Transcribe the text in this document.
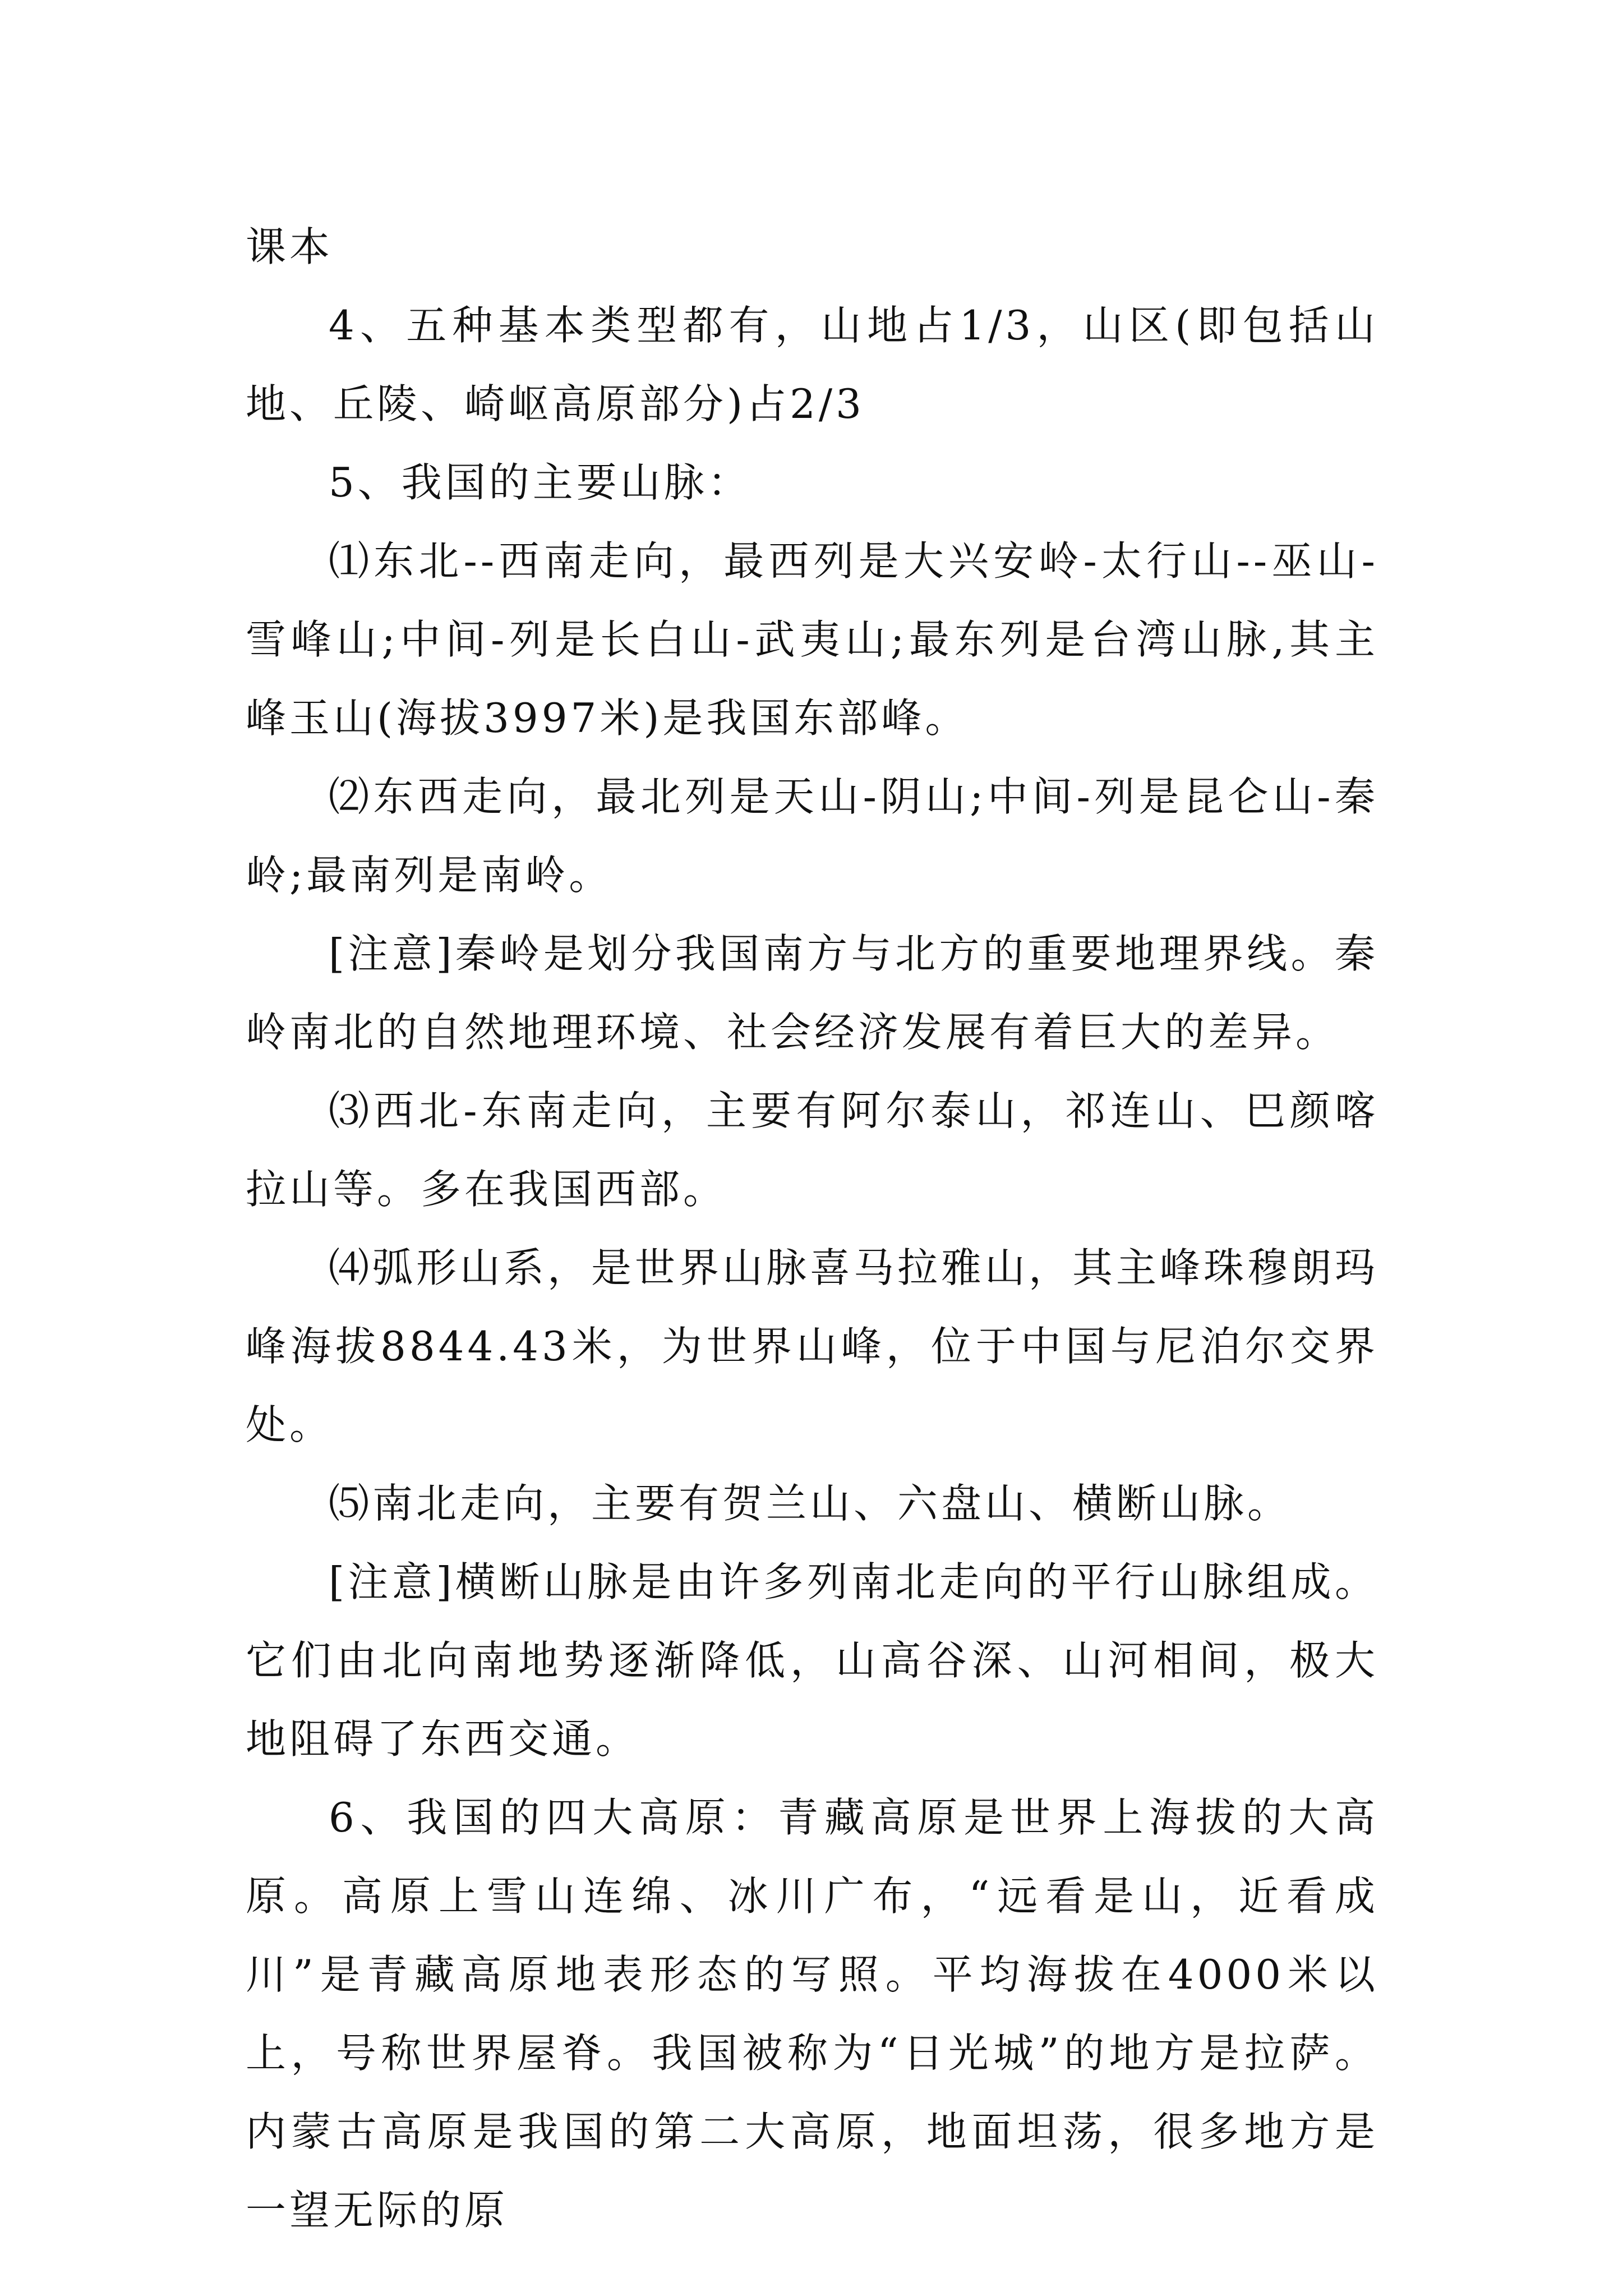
课本

4、五种基本类型都有，山地占1/3，山区(即包括山地、丘陵、崎岖高原部分)占2/3

5、我国的主要山脉：

⑴东北--西南走向，最西列是大兴安岭-太行山--巫山-雪峰山;中间-列是长白山-武夷山;最东列是台湾山脉,其主峰玉山(海拔3997米)是我国东部峰。

⑵东西走向，最北列是天山-阴山;中间-列是昆仑山-秦岭;最南列是南岭。

[注意]秦岭是划分我国南方与北方的重要地理界线。秦岭南北的自然地理环境、社会经济发展有着巨大的差异。

⑶西北-东南走向，主要有阿尔泰山，祁连山、巴颜喀拉山等。多在我国西部。

⑷弧形山系，是世界山脉喜马拉雅山，其主峰珠穆朗玛峰海拔8844.43米，为世界山峰，位于中国与尼泊尔交界处。

⑸南北走向，主要有贺兰山、六盘山、横断山脉。

[注意]横断山脉是由许多列南北走向的平行山脉组成。它们由北向南地势逐渐降低，山高谷深、山河相间，极大地阻碍了东西交通。

6、我国的四大高原：青藏高原是世界上海拔的大高原。高原上雪山连绵、冰川广布，“远看是山，近看成川”是青藏高原地表形态的写照。平均海拔在4000米以上，号称世界屋脊。我国被称为“日光城”的地方是拉萨。内蒙古高原是我国的第二大高原，地面坦荡，很多地方是一望无际的原
